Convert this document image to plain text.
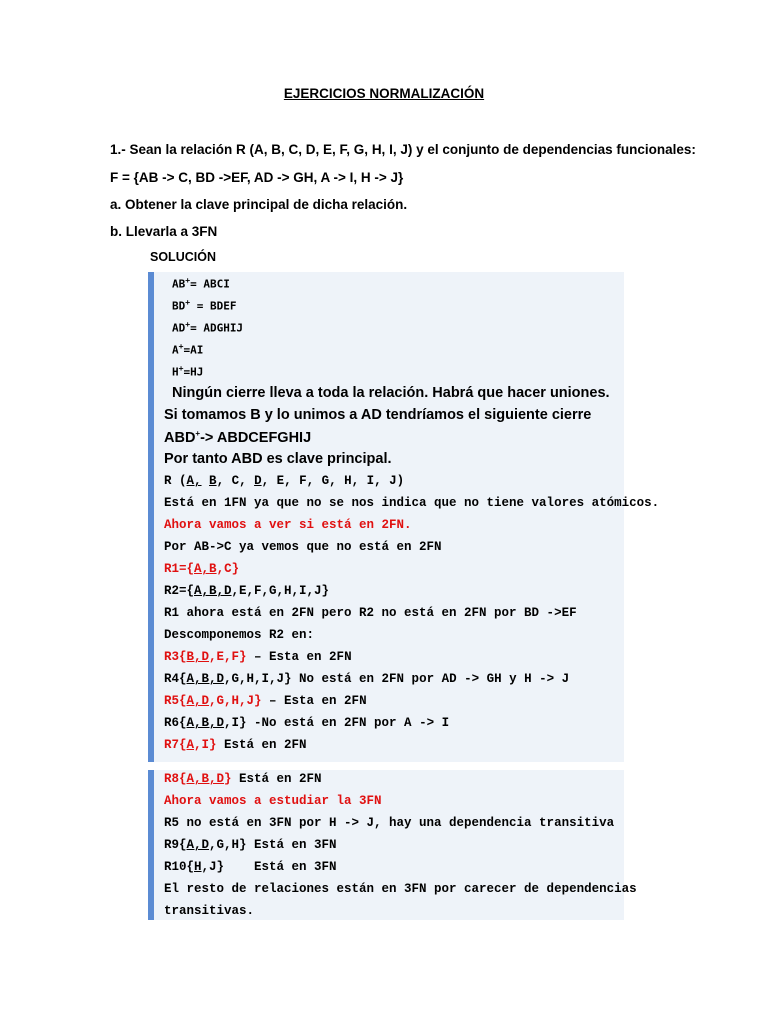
EJERCICIOS NORMALIZACIÓN
1.- Sean la relación R (A, B, C, D, E, F, G, H, I, J) y el conjunto de dependencias funcionales:
F = {AB -> C, BD ->EF, AD -> GH, A -> I, H -> J}
a. Obtener la clave principal de dicha relación.
b. Llevarla a 3FN
SOLUCIÓN
AB+= ABCI
BD+ = BDEF
AD+= ADGHIJ
A+=AI
H+=HJ
Ningún cierre lleva a toda la relación. Habrá que hacer uniones.
Si tomamos B y lo unimos a AD tendríamos el siguiente cierre
ABD+-> ABDCEFGHIJ
Por tanto ABD es clave principal.
R (A, B, C, D, E, F, G, H, I, J)
Está en 1FN ya que no se nos indica que no tiene valores atómicos.
Ahora vamos a ver si está en 2FN.
Por AB->C ya vemos que no está en 2FN
R1={A,B,C}
R2={A,B,D,E,F,G,H,I,J}
R1 ahora está en 2FN pero R2 no está en 2FN por BD ->EF
Descomponemos R2 en:
R3{B,D,E,F} – Esta en 2FN
R4{A,B,D,G,H,I,J} No está en 2FN por AD -> GH y H -> J
R5{A,D,G,H,J} – Esta en 2FN
R6{A,B,D,I} -No está en 2FN por A -> I
R7{A,I} Está en 2FN
R8{A,B,D} Está en 2FN
Ahora vamos a estudiar la 3FN
R5 no está en 3FN por H -> J, hay una dependencia transitiva
R9{A,D,G,H} Está en 3FN
R10{H,J}    Está en 3FN
El resto de relaciones están en 3FN por carecer de dependencias
transitivas.
